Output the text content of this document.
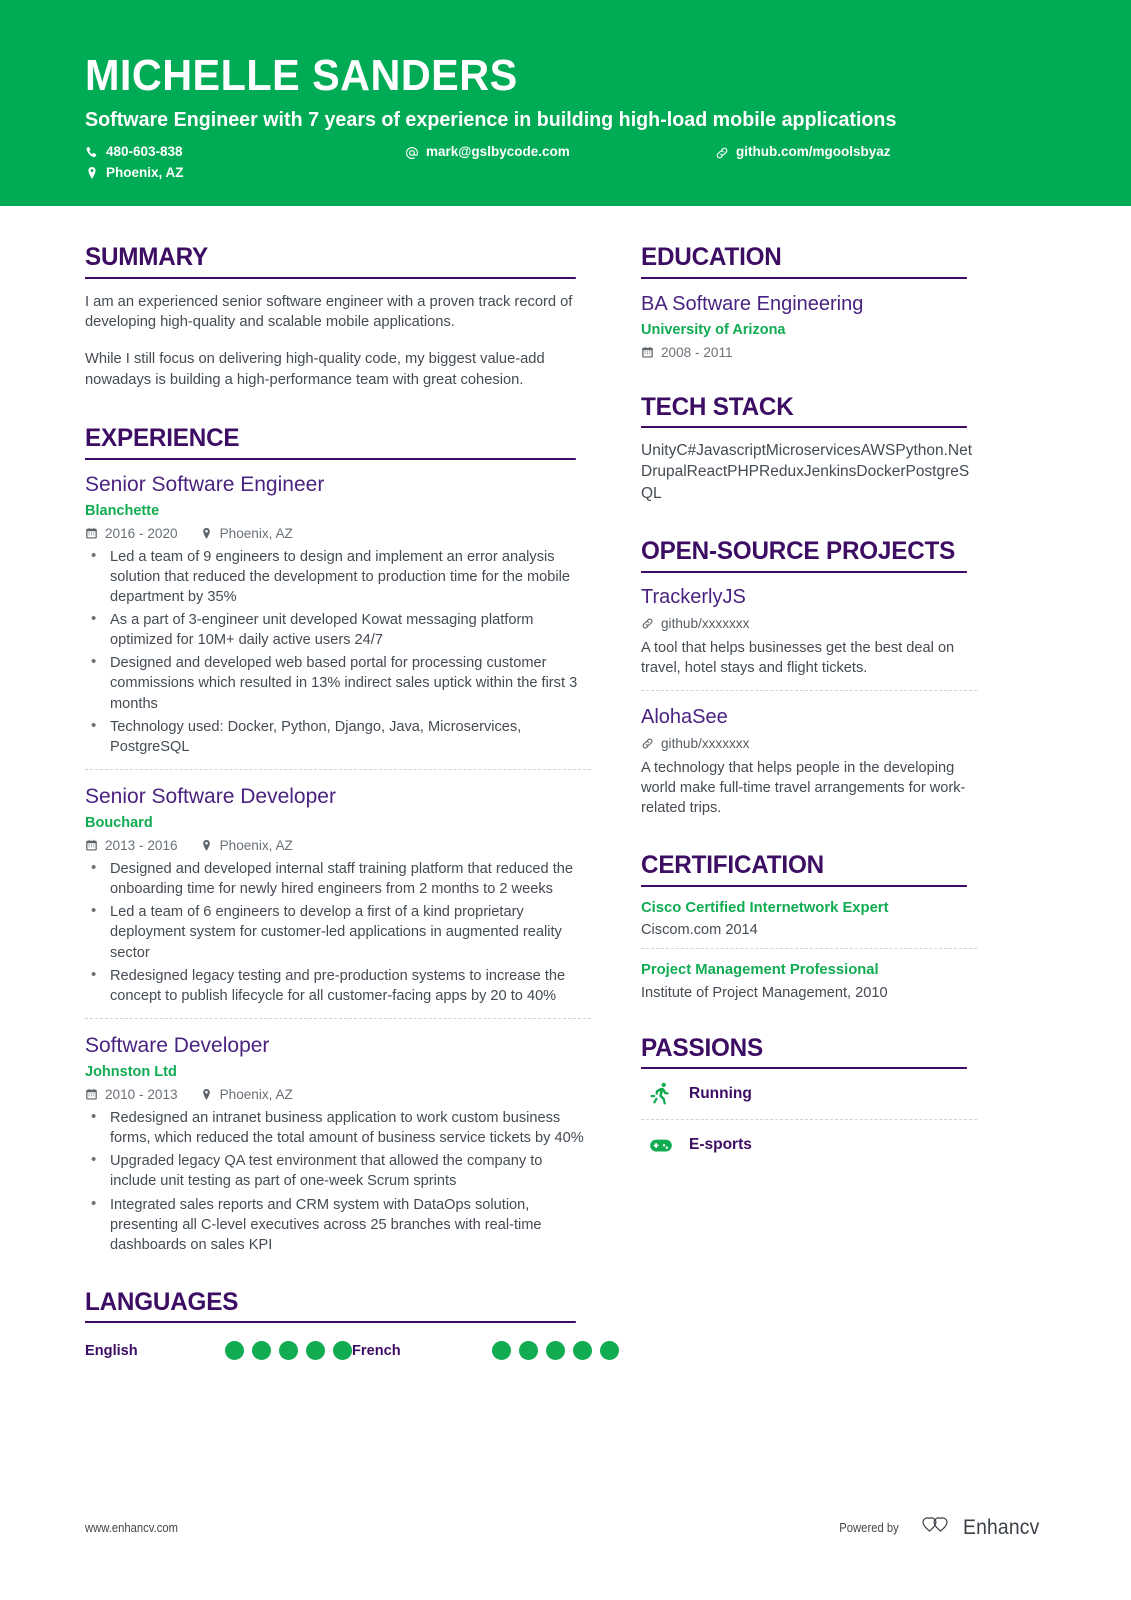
MICHELLE SANDERS
Software Engineer with 7 years of experience in building high-load mobile applications
480-603-838	mark@gslbycode.com	github.com/mgoolsbyaz
Phoenix, AZ
SUMMARY

I am an experienced senior software engineer with a proven track record of developing high-quality and scalable mobile applications.

While I still focus on delivering high-quality code, my biggest value-add nowadays is building a high-performance team with great cohesion.

EXPERIENCE
Senior Software Engineer
Blanchette
2016 - 2020	Phoenix, AZ
• Led a team of 9 engineers to design and implement an error analysis solution that reduced the development to production time for the mobile department by 35%
• As a part of 3-engineer unit developed Kowat messaging platform optimized for 10M+ daily active users 24/7
• Designed and developed web based portal for processing customer commissions which resulted in 13% indirect sales uptick within the first 3 months
• Technology used: Docker, Python, Django, Java, Microservices, PostgreSQL
Senior Software Developer
Bouchard
2013 - 2016	Phoenix, AZ
• Designed and developed internal staff training platform that reduced the onboarding time for newly hired engineers from 2 months to 2 weeks
• Led a team of 6 engineers to develop a first of a kind proprietary deployment system for customer-led applications in augmented reality sector
• Redesigned legacy testing and pre-production systems to increase the concept to publish lifecycle for all customer-facing apps by 20 to 40%
Software Developer
Johnston Ltd
2010 - 2013	Phoenix, AZ
• Redesigned an intranet business application to work custom business forms, which reduced the total amount of business service tickets by 40%
• Upgraded legacy QA test environment that allowed the company to include unit testing as part of one-week Scrum sprints
• Integrated sales reports and CRM system with DataOps solution, presenting all C-level executives across 25 branches with real-time dashboards on sales KPI
LANGUAGES
English	French
EDUCATION
BA Software Engineering
University of Arizona
2008 - 2011
TECH STACK
UnityC#JavascriptMicroservicesAWSPython.NetDrupalReactPHPReduxJenkinsDockerPostgreSQL
OPEN-SOURCE PROJECTS
TrackerlyJS
github/xxxxxxx
A tool that helps businesses get the best deal on travel, hotel stays and flight tickets.
AlohaSee
github/xxxxxxx
A technology that helps people in the developing world make full-time travel arrangements for work-related trips.
CERTIFICATION
Cisco Certified Internetwork Expert
Ciscom.com 2014
Project Management Professional
Institute of Project Management, 2010
PASSIONS
Running
E-sports
www.enhancv.com	Powered by	Enhancv
